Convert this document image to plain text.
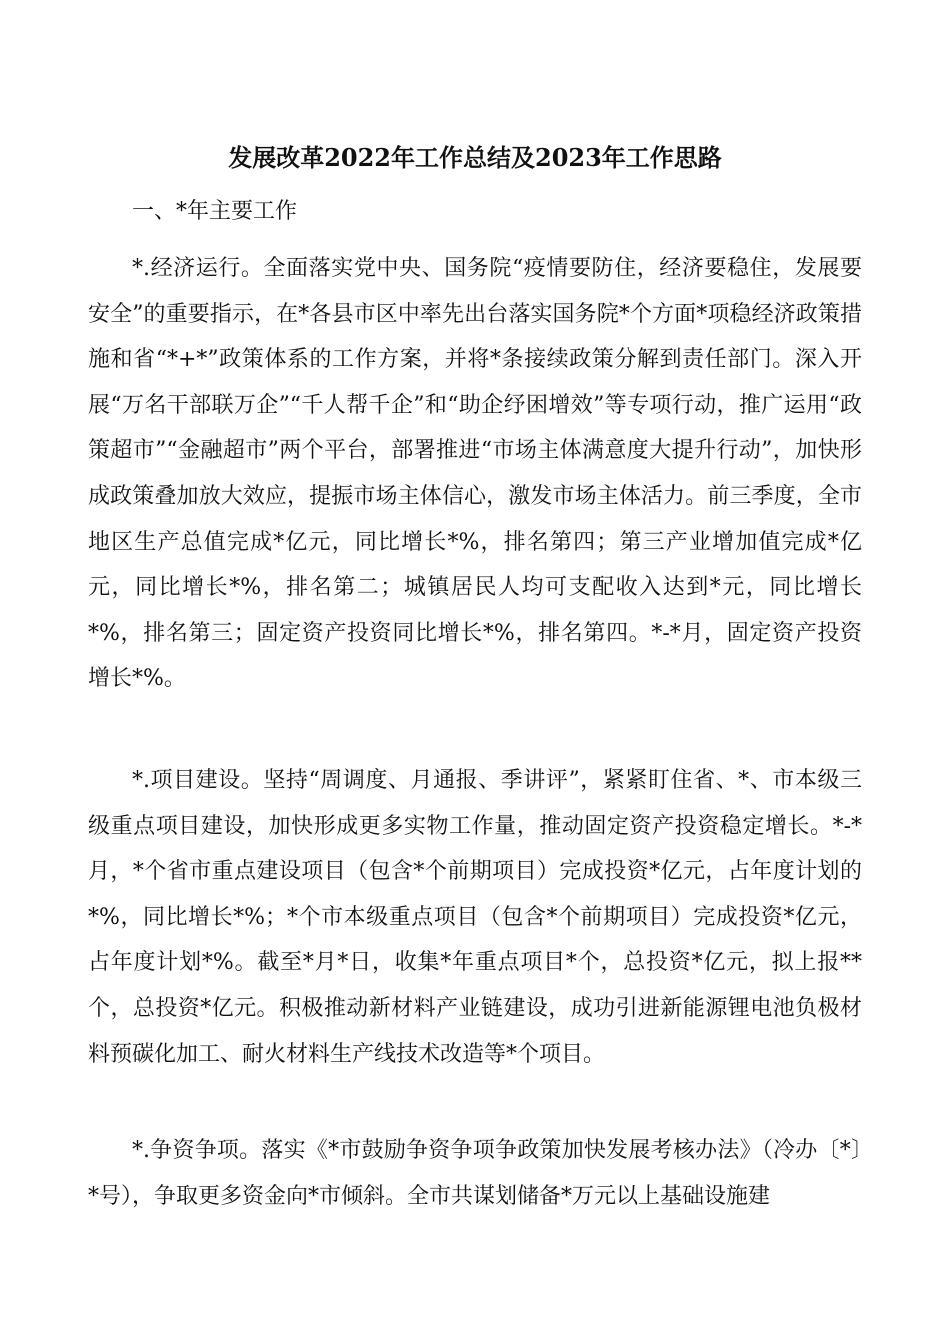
发展改革2022年工作总结及2023年工作思路
一、*年主要工作
*.经济运行。全面落实党中央、国务院“疫情要防住，经济要稳住，发展要安全”的重要指示，在*各县市区中率先出台落实国务院*个方面*项稳经济政策措施和省“*+*”政策体系的工作方案，并将*条接续政策分解到责任部门。深入开展“万名干部联万企”“千人帮千企”和“助企纾困增效”等专项行动，推广运用“政策超市”“金融超市”两个平台，部署推进“市场主体满意度大提升行动”，加快形成政策叠加放大效应，提振市场主体信心，激发市场主体活力。前三季度，全市地区生产总值完成*亿元，同比增长*%，排名第四；第三产业增加值完成*亿元，同比增长*%，排名第二；城镇居民人均可支配收入达到*元，同比增长*%，排名第三；固定资产投资同比增长*%，排名第四。*-*月，固定资产投资增长*%。
*.项目建设。坚持“周调度、月通报、季讲评”，紧紧盯住省、*、市本级三级重点项目建设，加快形成更多实物工作量，推动固定资产投资稳定增长。*-*月，*个省市重点建设项目（包含*个前期项目）完成投资*亿元，占年度计划的*%，同比增长*%；*个市本级重点项目（包含*个前期项目）完成投资*亿元，占年度计划*%。截至*月*日，收集*年重点项目*个，总投资*亿元，拟上报**个，总投资*亿元。积极推动新材料产业链建设，成功引进新能源锂电池负极材料预碳化加工、耐火材料生产线技术改造等*个项目。
*.争资争项。落实《*市鼓励争资争项争政策加快发展考核办法》（冷办〔*〕*号），争取更多资金向*市倾斜。全市共谋划储备*万元以上基础设施建
